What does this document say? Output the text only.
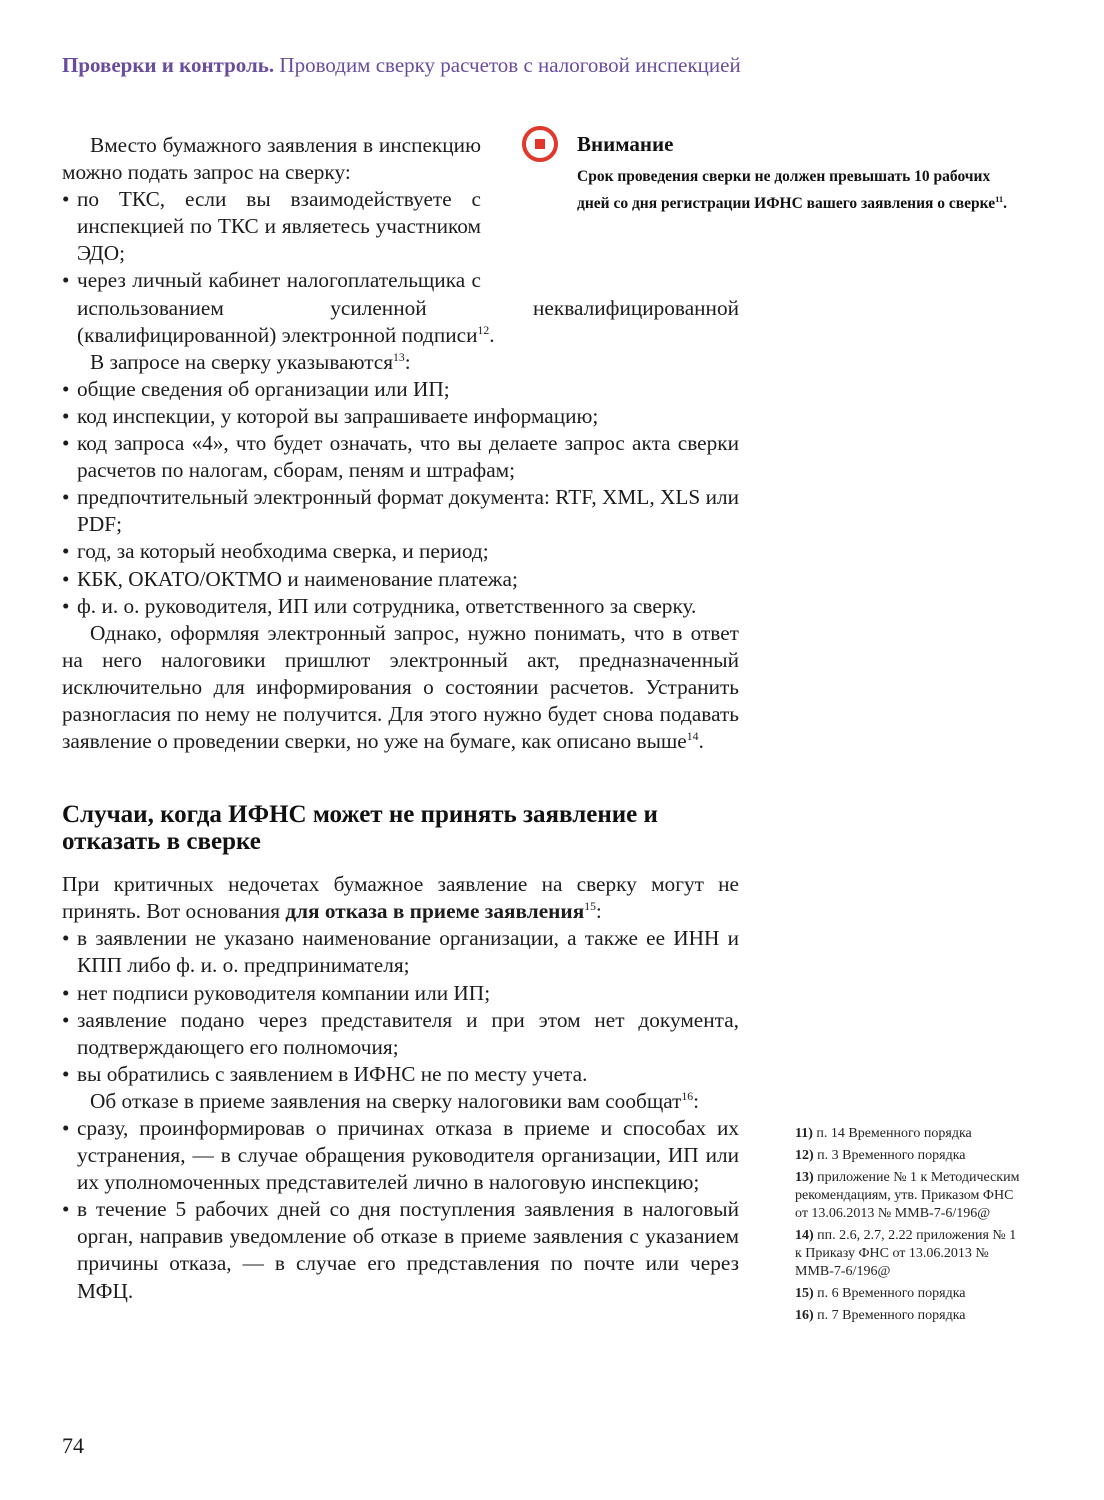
Проверки и контроль. Проводим сверку расчетов с налоговой инспекцией
Внимание
Срок проведения сверки не должен превышать 10 рабочих дней со дня регистрации ИФНС вашего заявления о сверке$^{11}$.

Вместо бумажного заявления в инспекцию можно подать запрос на сверку:

• по ТКС, если вы взаимодействуете с инспекцией по ТКС и являетесь участником ЭДО;
• через личный кабинет налогоплательщика с использованием усиленной неквалифицированной (квалифицированной) электронной подписи$^{12}$.

В запросе на сверку указываются$^{13}$:

• общие сведения об организации или ИП;
• код инспекции, у которой вы запрашиваете информацию;
• код запроса «4», что будет означать, что вы делаете запрос акта сверки расчетов по налогам, сборам, пеням и штрафам;
• предпочтительный электронный формат документа: RTF, XML, XLS или PDF;
• год, за который необходима сверка, и период;
• КБК, ОКАТО/ОКТМО и наименование платежа;
• ф. и. о. руководителя, ИП или сотрудника, ответственного за сверку.

Однако, оформляя электронный запрос, нужно понимать, что в ответ на него налоговики пришлют электронный акт, предназначенный исключительно для информирования о состоянии расчетов. Устранить разногласия по нему не получится. Для этого нужно будет снова подавать заявление о проведении сверки, но уже на бумаге, как описано выше$^{14}$.

Случаи, когда ИФНС может не принять заявление и отказать в сверке

При критичных недочетах бумажное заявление на сверку могут не принять. Вот основания для отказа в приеме заявления$^{15}$:

• в заявлении не указано наименование организации, а также ее ИНН и КПП либо ф. и. о. предпринимателя;
• нет подписи руководителя компании или ИП;
• заявление подано через представителя и при этом нет документа, подтверждающего его полномочия;
• вы обратились с заявлением в ИФНС не по месту учета.

Об отказе в приеме заявления на сверку налоговики вам сообщат$^{16}$:

• сразу, проинформировав о причинах отказа в приеме и способах их устранения, — в случае обращения руководителя организации, ИП или их уполномоченных представителей лично в налоговую инспекцию;
• в течение 5 рабочих дней со дня поступления заявления в налоговый орган, направив уведомление об отказе в приеме заявления с указанием причины отказа, — в случае его представления по почте или через МФЦ.
11) п. 14 Временного порядка
12) п. 3 Временного порядка
13) приложение № 1 к Методическим рекомендациям, утв. Приказом ФНС от 13.06.2013 № ММВ-7-6/196@
14) пп. 2.6, 2.7, 2.22 приложения № 1 к Приказу ФНС от 13.06.2013 № ММВ-7-6/196@
15) п. 6 Временного порядка
16) п. 7 Временного порядка
74
